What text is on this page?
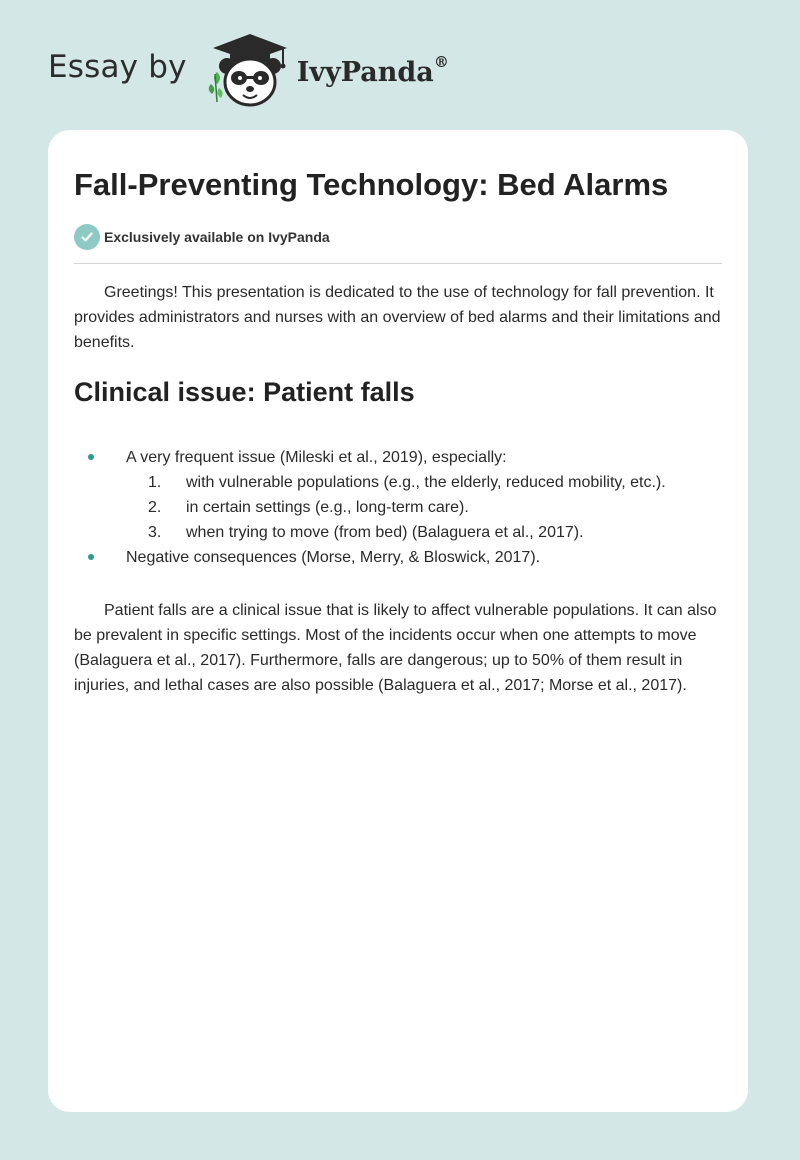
Essay by	IvyPanda®
Fall-Preventing Technology: Bed Alarms
Exclusively available on IvyPanda

Greetings! This presentation is dedicated to the use of technology for fall prevention. It provides administrators and nurses with an overview of bed alarms and their limitations and benefits.

Clinical issue: Patient falls
A very frequent issue (Mileski et al., 2019), especially:
1. with vulnerable populations (e.g., the elderly, reduced mobility, etc.).
2. in certain settings (e.g., long-term care).
3. when trying to move (from bed) (Balaguera et al., 2017).
Negative consequences (Morse, Merry, & Bloswick, 2017).

Patient falls are a clinical issue that is likely to affect vulnerable populations. It can also be prevalent in specific settings. Most of the incidents occur when one attempts to move (Balaguera et al., 2017). Furthermore, falls are dangerous; up to 50% of them result in injuries, and lethal cases are also possible (Balaguera et al., 2017; Morse et al., 2017).
